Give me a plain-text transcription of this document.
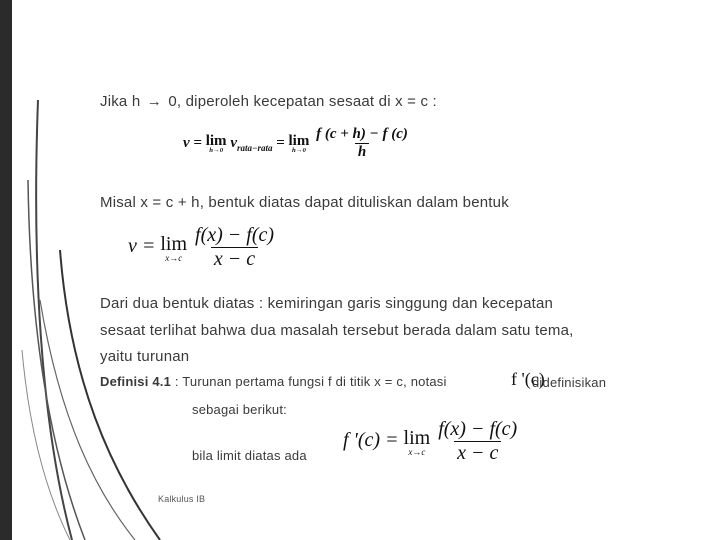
Jika h → 0, diperoleh kecepatan sesaat di x = c :
v = lim
h→0 $v_{rata-rata} = \lim$
h→0
$\frac{f (c + h) - f (c)}{h}$
Misal x = c + h, bentuk diatas dapat dituliskan dalam bentuk
v = lim
x→c
$\frac{f(x) - f(c)}{x - c}$
Dari dua bentuk diatas : kemiringan garis singgung dan kecepatan
sesaat terlihat bahwa dua masalah tersebut berada dalam satu tema,
yaitu turunan
Definisi 4.1 : Turunan pertama fungsi f di titik x = c, notasi	f '(c)
didefinisikan
sebagai berikut:
bila limit diatas ada
f '(c) = lim
x→c
$\frac{f(x) - f(c)}{x - c}$
Kalkulus IB
